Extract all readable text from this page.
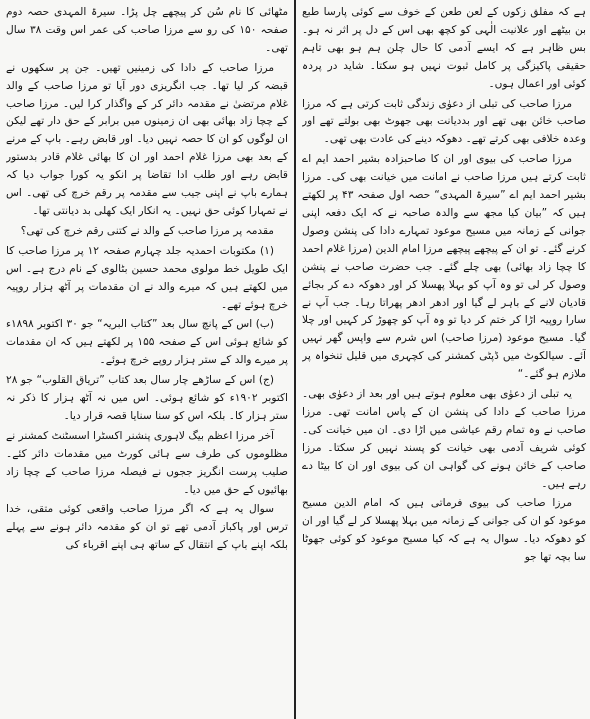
ہے کہ مفلق زکوں کے لعن طعن کے خوف سے کوئی پارسا طبع بن بیٹھے اور علانیت الٰہی کو کچھ بھی اس کے دل پر اثر نہ ہو۔ بس ظاہر ہے کہ ایسے آدمی کا حال چلن ہم ہو بھی تاہم حقیقی پاکیزگی پر کامل ثبوت نہیں ہو سکتا۔ شاید در پردہ کوئی اور اعمال ہوں۔

مرزا صاحب کی تبلی از دعوٰی زندگی ثابت کرتی ہے کہ مرزا صاحب خائن بھی تھے اور بددیانت بھی جھوٹ بھی بولتے تھے اور وعدہ خلافی بھی کرتے تھے۔ دھوکہ دینے کی عادت بھی تھی۔

مرزا صاحب کی بیوی اور ان کا صاحبزادہ بشیر احمد ایم اے ثابت کرتے ہیں مرزا صاحب نے امانت میں خیانت بھی کی۔ مرزا بشیر احمد ایم اے ”سیرۃ المہدی“ حصہ اول صفحہ ۴۳ پر لکھتے ہیں کہ ”بیان کیا مجھ سے والدہ صاحبہ نے کہ ایک دفعہ اپنی جوانی کے زمانہ میں مسیح موعود تمہارے دادا کی پنشن وصول کرنے گئے۔ تو ان کے پیچھے پیچھے مرزا امام الدین (مرزا غلام احمد کا چچا زاد بھائی) بھی چلے گئے۔ جب حضرت صاحب نے پنشن وصول کر لی تو وہ آپ کو بہلا پھسلا کر اور دھوکہ دے کر بجائے قادیان لانے کے باہر لے گیا اور ادھر ادھر پھراتا رہا۔ جب آپ نے سارا روپیہ اڑا کر ختم کر دیا تو وہ آپ کو چھوڑ کر کہیں اور چلا گیا۔ مسیح موعود (مرزا صاحب) اس شرم سے واپس گھر نہیں آئے۔ سیالکوٹ میں ڈپٹی کمشنر کی کچہری میں قلیل تنخواہ پر ملازم ہو گئے۔“

یہ تبلی از دعوٰی بھی معلوم ہوتے ہیں اور بعد از دعوٰی بھی۔ مرزا صاحب کے دادا کی پنشن ان کے پاس امانت تھی۔ مرزا صاحب نے وہ تمام رقم عیاشی میں اڑا دی۔ ان میں خیانت کی۔ کوئی شریف آدمی بھی خیانت کو پسند نہیں کر سکتا۔ مرزا صاحب کے خائن ہونے کی گواہی ان کی بیوی اور ان کا بیٹا دے رہے ہیں۔

مرزا صاحب کی بیوی فرماتی ہیں کہ امام الدین مسیح موعود کو ان کی جوانی کے زمانہ میں بہلا پھسلا کر لے گیا اور ان کو دھوکہ دیا۔ سوال یہ ہے کہ کیا مسیح موعود کو کوئی جھوٹا سا بچہ تھا جو

مٹھائی کا نام سُن کر پیچھے چل پڑا۔ سیرۃ المہدی حصہ دوم صفحہ ۱۵۰ کی رو سے مرزا صاحب کی عمر اس وقت ۳۸ سال تھی۔

مرزا صاحب کے دادا کی زمینیں تھیں۔ جن پر سکھوں نے قبضہ کر لیا تھا۔ جب انگریزی دور آیا تو مرزا صاحب کے والد غلام مرتضیٰ نے مقدمہ دائر کر کے واگذار کرا لیں۔ مرزا صاحب کے چچا زاد بھائی بھی ان زمینوں میں برابر کے حق دار تھے لیکن ان لوگوں کو ان کا حصہ نہیں دیا۔ اور قابض رہے۔ باپ کے مرنے کے بعد بھی مرزا غلام احمد اور ان کا بھائی غلام قادر بدستور قابض رہے اور طلب ادا تقاضا پر انکو یہ کورا جواب دیا کہ ہمارے باپ نے اپنی جیب سے مقدمہ پر رقم خرچ کی تھی۔ اس نے تمہارا کوئی حق نہیں۔ یہ انکار ایک کھلی بد دیانتی تھا۔

مقدمہ پر مرزا صاحب کے والد نے کتنی رقم خرچ کی تھی؟

(۱) مکتوبات احمدیہ جلد چہارم صفحہ ۱۲ پر مرزا صاحب کا ایک طویل خط مولوی محمد حسین بٹالوی کے نام درج ہے۔ اس میں لکھتے ہیں کہ میرے والد نے ان مقدمات پر آٹھ ہزار روپیہ خرچ ہوئے تھے۔

(ب) اس کے پانچ سال بعد ”کتاب البریہ“ جو ۳۰ اکتوبر ۱۸۹۸ء کو شائع ہوئی اس کے صفحہ ۱۵۵ پر لکھتے ہیں کہ ان مقدمات پر میرے والد کے ستر ہزار روپے خرچ ہوئے۔

(ج) اس کے ساڑھے چار سال بعد کتاب ”تریاق القلوب“ جو ۲۸ اکتوبر ۱۹۰۲ء کو شائع ہوئی۔ اس میں نہ آٹھ ہزار کا ذکر نہ ستر ہزار کا۔ بلکہ اس کو سنا سنایا قصہ قرار دیا۔

آخر مرزا اعظم بیگ لاہوری پنشنر اکسٹرا اسسٹنٹ کمشنر نے مظلوموں کی طرف سے ہائی کورٹ میں مقدمات دائر کئے۔ صلیب پرست انگریز ججوں نے فیصلہ مرزا صاحب کے چچا زاد بھائیوں کے حق میں دیا۔

سوال یہ ہے کہ اگر مرزا صاحب واقعی کوئی متقی، خدا ترس اور پاکباز آدمی تھے تو ان کو مقدمہ دائر ہونے سے پہلے بلکہ اپنے باپ کے انتقال کے ساتھ ہی اپنے اقرباء کی
